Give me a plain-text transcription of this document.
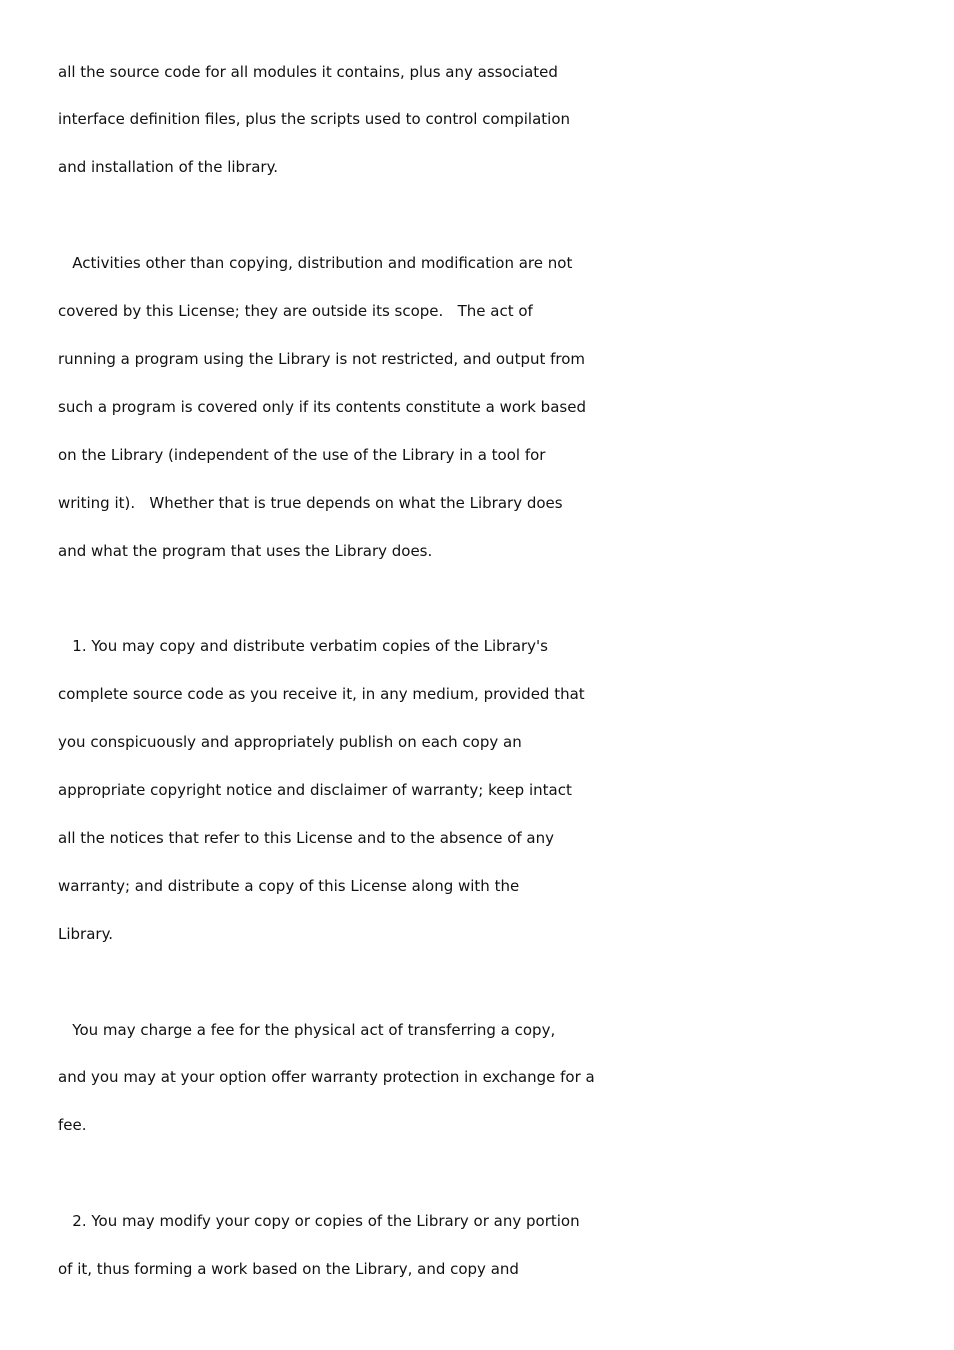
all the source code for all modules it contains, plus any associated

interface definition files, plus the scripts used to control compilation

and installation of the library.

Activities other than copying, distribution and modification are not

covered by this License; they are outside its scope.   The act of

running a program using the Library is not restricted, and output from

such a program is covered only if its contents constitute a work based

on the Library (independent of the use of the Library in a tool for

writing it).   Whether that is true depends on what the Library does

and what the program that uses the Library does.

1. You may copy and distribute verbatim copies of the Library's

complete source code as you receive it, in any medium, provided that

you conspicuously and appropriately publish on each copy an

appropriate copyright notice and disclaimer of warranty; keep intact

all the notices that refer to this License and to the absence of any

warranty; and distribute a copy of this License along with the

Library.

You may charge a fee for the physical act of transferring a copy,

and you may at your option offer warranty protection in exchange for a

fee.

2. You may modify your copy or copies of the Library or any portion

of it, thus forming a work based on the Library, and copy and
